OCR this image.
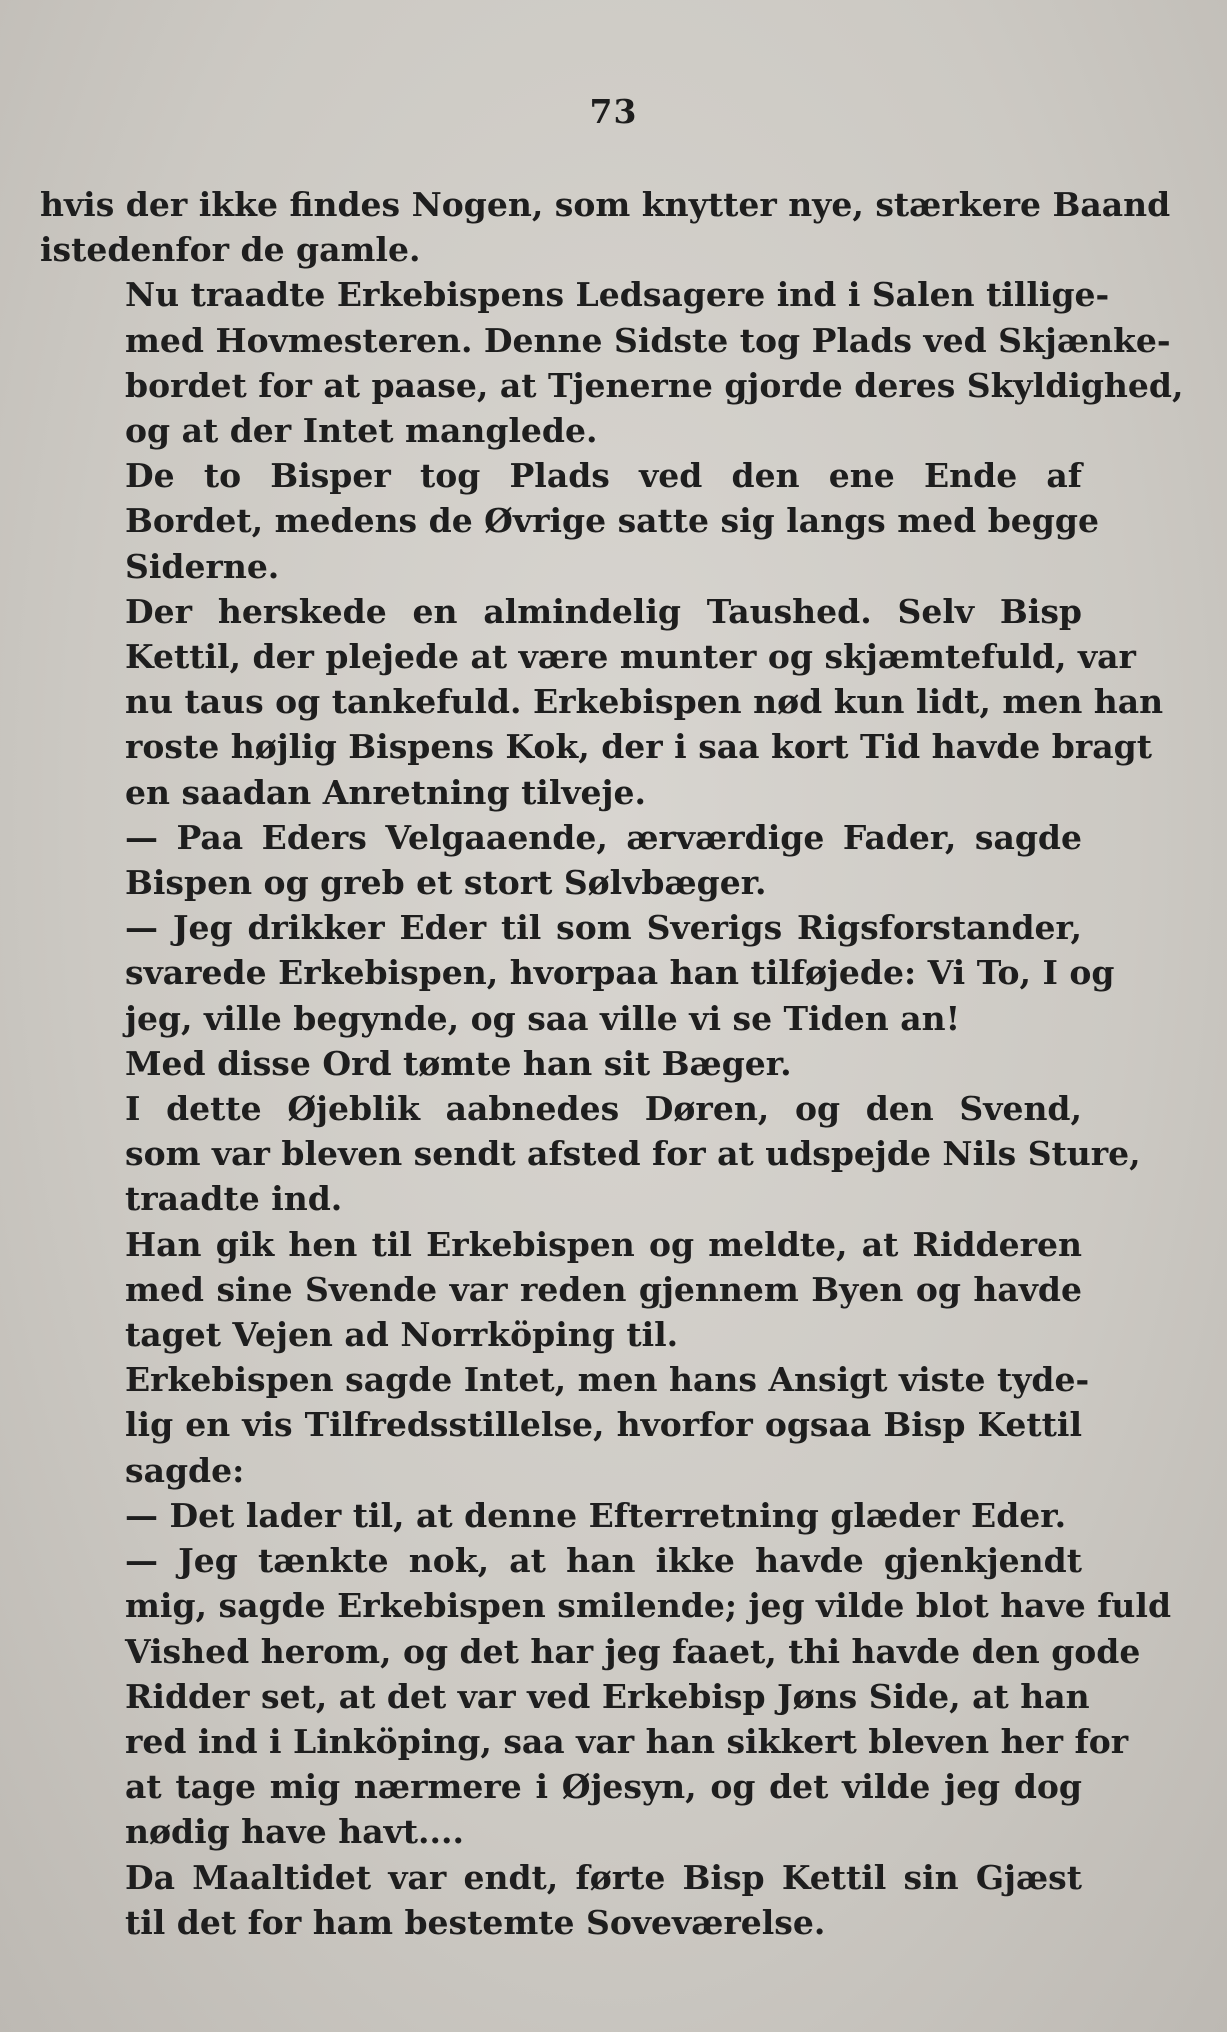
73
hvis der ikke findes Nogen, som knytter nye, stærkere Baand
istedenfor de gamle.
Nu traadte Erkebispens Ledsagere ind i Salen tillige-
med Hovmesteren. Denne Sidste tog Plads ved Skjænke-
bordet for at paase, at Tjenerne gjorde deres Skyldighed,
og at der Intet manglede.
De to Bisper tog Plads ved den ene Ende af
Bordet, medens de Øvrige satte sig langs med begge
Siderne.
Der herskede en almindelig Taushed. Selv Bisp
Kettil, der plejede at være munter og skjæmtefuld, var
nu taus og tankefuld. Erkebispen nød kun lidt, men han
roste højlig Bispens Kok, der i saa kort Tid havde bragt
en saadan Anretning tilveje.
— Paa Eders Velgaaende, ærværdige Fader, sagde
Bispen og greb et stort Sølvbæger.
— Jeg drikker Eder til som Sverigs Rigsforstander,
svarede Erkebispen, hvorpaa han tilføjede: Vi To, I og
jeg, ville begynde, og saa ville vi se Tiden an!
Med disse Ord tømte han sit Bæger.
I dette Øjeblik aabnedes Døren, og den Svend,
som var bleven sendt afsted for at udspejde Nils Sture,
traadte ind.
Han gik hen til Erkebispen og meldte, at Ridderen
med sine Svende var reden gjennem Byen og havde
taget Vejen ad Norrköping til.
Erkebispen sagde Intet, men hans Ansigt viste tyde-
lig en vis Tilfredsstillelse, hvorfor ogsaa Bisp Kettil
sagde:
— Det lader til, at denne Efterretning glæder Eder.
— Jeg tænkte nok, at han ikke havde gjenkjendt
mig, sagde Erkebispen smilende; jeg vilde blot have fuld
Vished herom, og det har jeg faaet, thi havde den gode
Ridder set, at det var ved Erkebisp Jøns Side, at han
red ind i Linköping, saa var han sikkert bleven her for
at tage mig nærmere i Øjesyn, og det vilde jeg dog
nødig have havt....
Da Maaltidet var endt, førte Bisp Kettil sin Gjæst
til det for ham bestemte Soveværelse.
